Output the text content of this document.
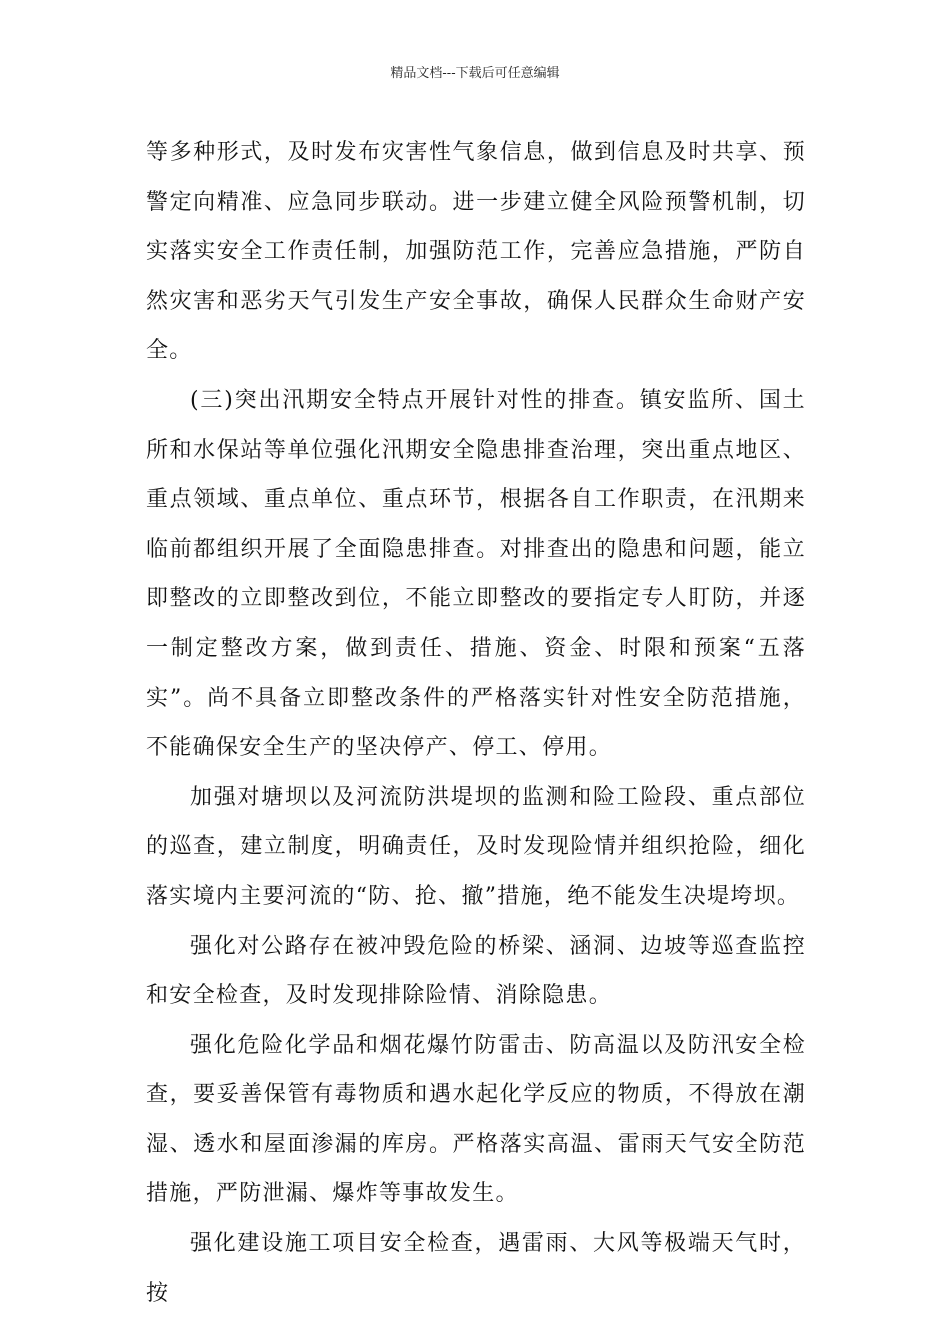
精品文档---下载后可任意编辑

等多种形式，及时发布灾害性气象信息，做到信息及时共享、预警定向精准、应急同步联动。进一步建立健全风险预警机制，切实落实安全工作责任制，加强防范工作，完善应急措施，严防自然灾害和恶劣天气引发生产安全事故，确保人民群众生命财产安全。

(三)突出汛期安全特点开展针对性的排查。镇安监所、国土所和水保站等单位强化汛期安全隐患排查治理，突出重点地区、重点领域、重点单位、重点环节，根据各自工作职责，在汛期来临前都组织开展了全面隐患排查。对排查出的隐患和问题，能立即整改的立即整改到位，不能立即整改的要指定专人盯防，并逐一制定整改方案，做到责任、措施、资金、时限和预案“五落实”。尚不具备立即整改条件的严格落实针对性安全防范措施，不能确保安全生产的坚决停产、停工、停用。

加强对塘坝以及河流防洪堤坝的监测和险工险段、重点部位的巡查，建立制度，明确责任，及时发现险情并组织抢险，细化落实境内主要河流的“防、抢、撤”措施，绝不能发生决堤垮坝。

强化对公路存在被冲毁危险的桥梁、涵洞、边坡等巡查监控和安全检查，及时发现排除险情、消除隐患。

强化危险化学品和烟花爆竹防雷击、防高温以及防汛安全检查，要妥善保管有毒物质和遇水起化学反应的物质，不得放在潮湿、透水和屋面渗漏的库房。严格落实高温、雷雨天气安全防范措施，严防泄漏、爆炸等事故发生。

强化建设施工项目安全检查，遇雷雨、大风等极端天气时，按
